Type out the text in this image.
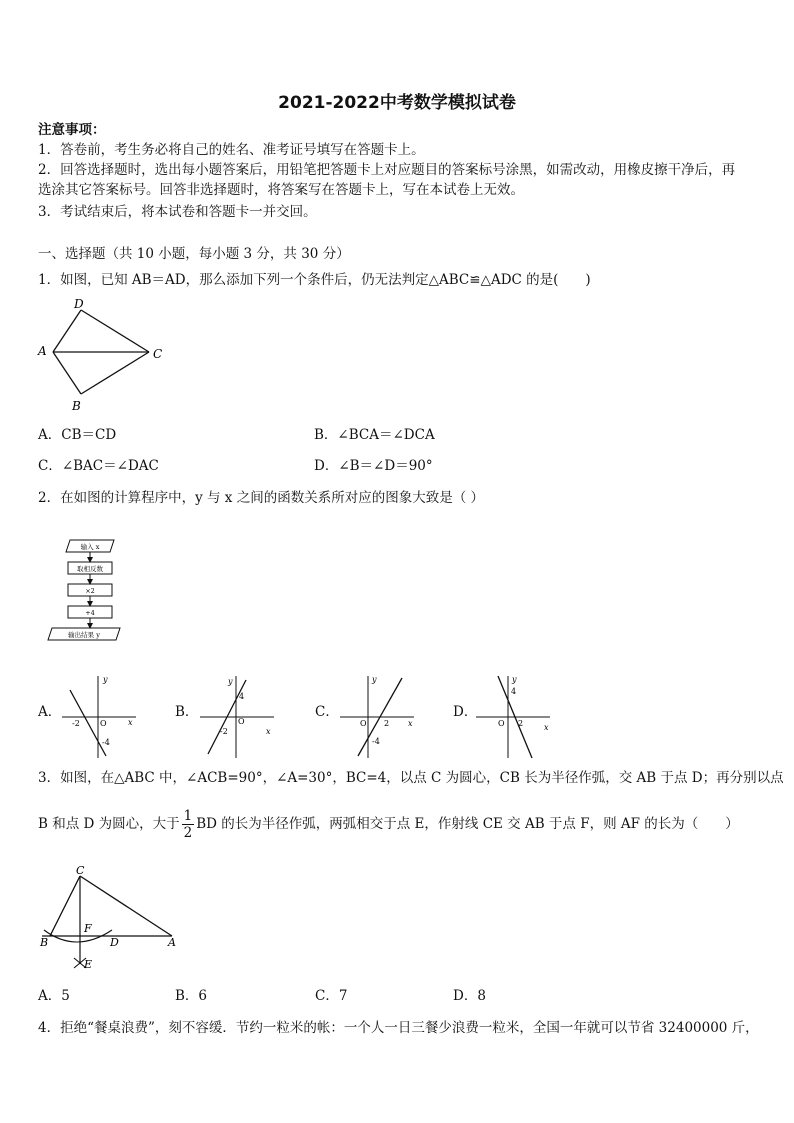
2021-2022中考数学模拟试卷
注意事项：
1．答卷前，考生务必将自己的姓名、准考证号填写在答题卡上。
2．回答选择题时，选出每小题答案后，用铅笔把答题卡上对应题目的答案标号涂黑，如需改动，用橡皮擦干净后，再
选涂其它答案标号。回答非选择题时，将答案写在答题卡上，写在本试卷上无效。
3．考试结束后，将本试卷和答题卡一并交回。
一、选择题（共 10 小题，每小题 3 分，共 30 分）
1．如图，已知 AB＝AD，那么添加下列一个条件后，仍无法判定△ABC≌△ADC 的是(　　)
D
A	C
B
A．CB＝CD	B．∠BCA＝∠DCA
C．∠BAC＝∠DAC	D．∠B＝∠D＝90°
2．在如图的计算程序中，y 与 x 之间的函数关系所对应的图象大致是（ ）
输入 x
取相反数
×2
+4
输出结果 y
A．	B．	C．	D．
y
x
O
-2
-4
y
x
O
-2
4
y
x
O 2
-4
y
x
O 2
4
3．如图，在△ABC 中，∠ACB=90°，∠A=30°，BC=4，以点 C 为圆心，CB 长为半径作弧，交 AB 于点 D；再分别以点
B 和点 D 为圆心，大于 $\frac{1}{2}$ BD 的长为半径作弧，两弧相交于点 E，作射线 CE 交 AB 于点 F，则 AF 的长为（　　）
C
F
B	D	A
E
A．5	B．6	C．7	D．8
4．拒绝“餐桌浪费”，刻不容缓．节约一粒米的帐：一个人一日三餐少浪费一粒米，全国一年就可以节省 32400000 斤，
